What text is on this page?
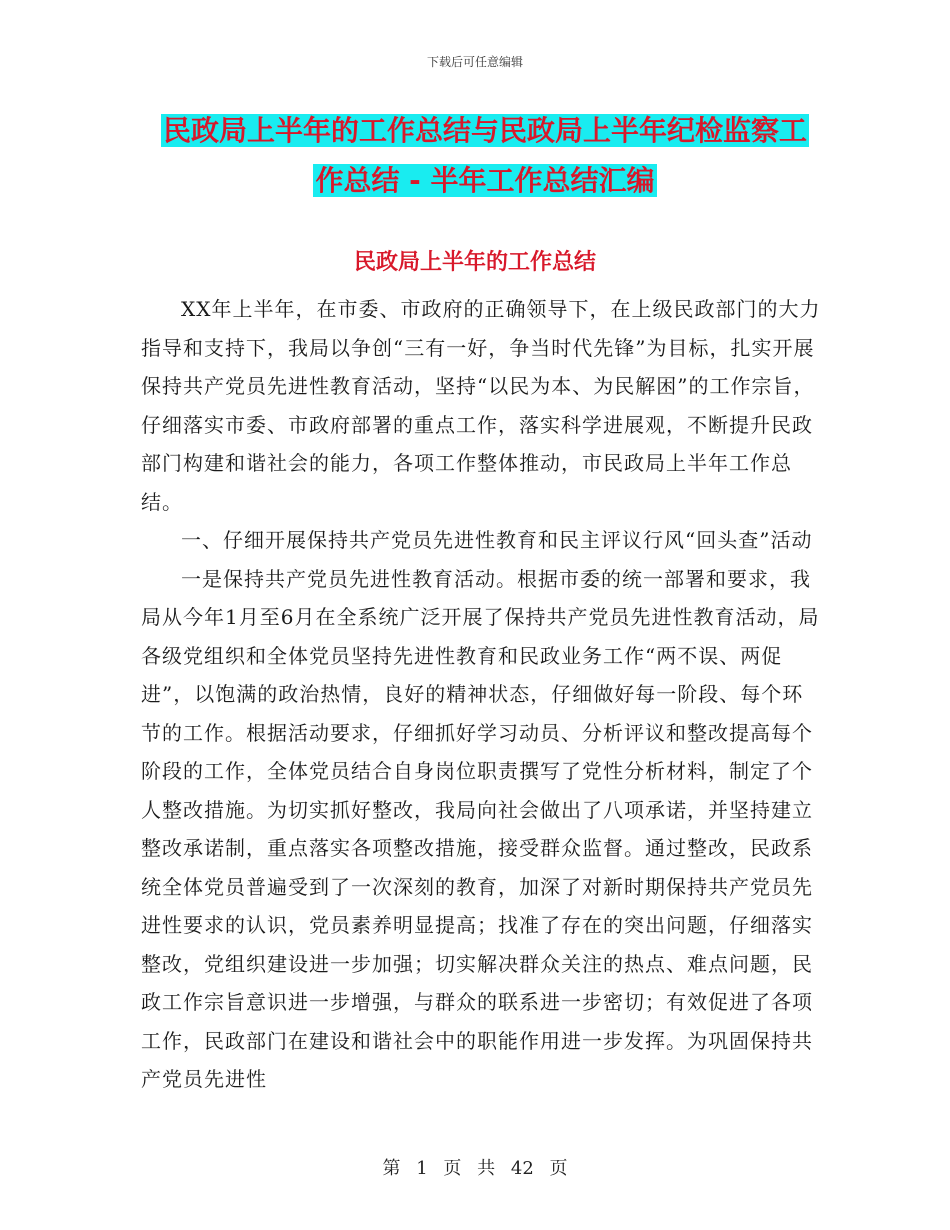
下载后可任意编辑
民政局上半年的工作总结与民政局上半年纪检监察工
作总结 - 半年工作总结汇编
民政局上半年的工作总结

XX年上半年，在市委、市政府的正确领导下，在上级民政部门的大力指导和支持下，我局以争创“三有一好，争当时代先锋”为目标，扎实开展保持共产党员先进性教育活动，坚持“以民为本、为民解困”的工作宗旨，仔细落实市委、市政府部署的重点工作，落实科学进展观，不断提升民政部门构建和谐社会的能力，各项工作整体推动，市民政局上半年工作总结。

一、仔细开展保持共产党员先进性教育和民主评议行风“回头查”活动

一是保持共产党员先进性教育活动。根据市委的统一部署和要求，我局从今年1月至6月在全系统广泛开展了保持共产党员先进性教育活动，局各级党组织和全体党员坚持先进性教育和民政业务工作“两不误、两促进”，以饱满的政治热情，良好的精神状态，仔细做好每一阶段、每个环节的工作。根据活动要求，仔细抓好学习动员、分析评议和整改提高每个阶段的工作，全体党员结合自身岗位职责撰写了党性分析材料，制定了个人整改措施。为切实抓好整改，我局向社会做出了八项承诺，并坚持建立整改承诺制，重点落实各项整改措施，接受群众监督。通过整改，民政系统全体党员普遍受到了一次深刻的教育，加深了对新时期保持共产党员先进性要求的认识，党员素养明显提高；找准了存在的突出问题，仔细落实整改，党组织建设进一步加强；切实解决群众关注的热点、难点问题，民政工作宗旨意识进一步增强，与群众的联系进一步密切；有效促进了各项工作，民政部门在建设和谐社会中的职能作用进一步发挥。为巩固保持共产党员先进性

第 1 页 共 42 页
